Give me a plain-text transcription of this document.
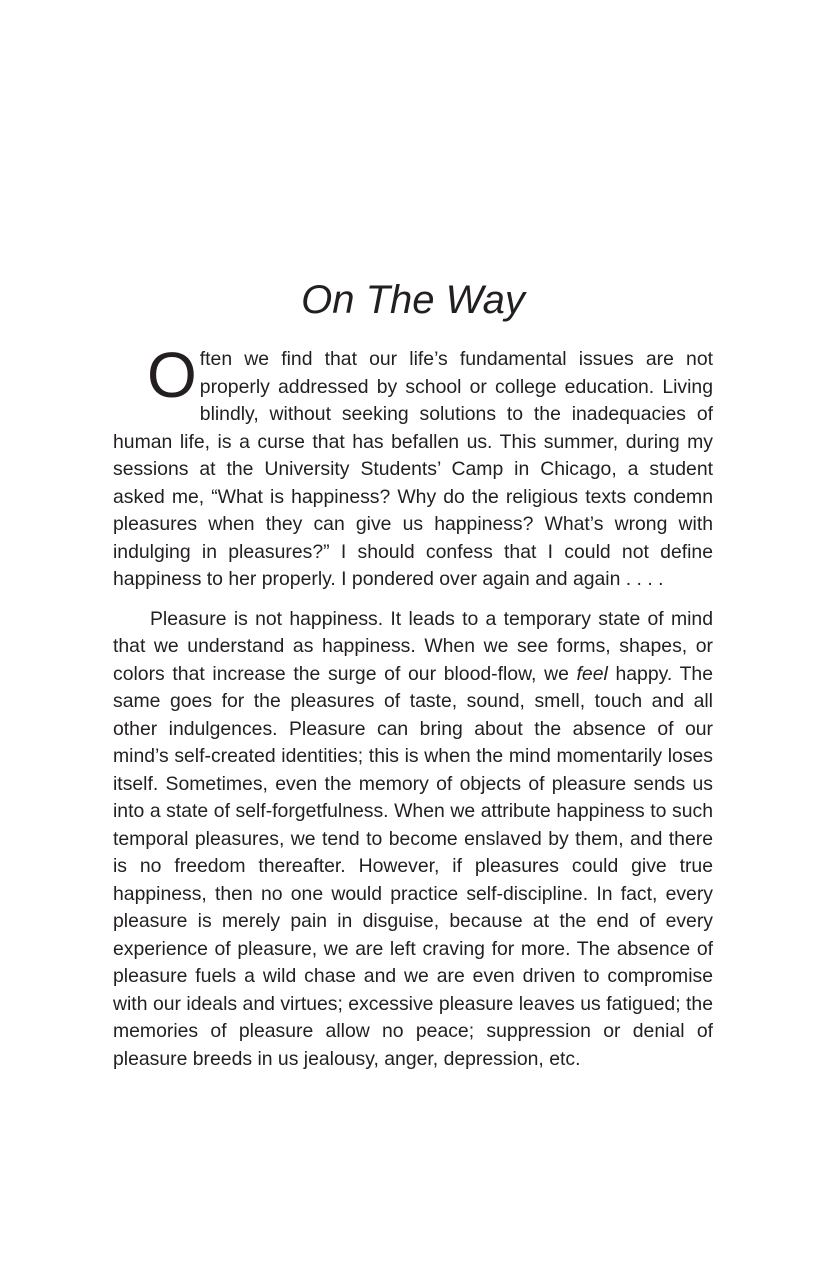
On The Way

Often we find that our life’s fundamental issues are not properly addressed by school or college education. Living blindly, without seeking solutions to the inadequacies of human life, is a curse that has befallen us. This summer, during my sessions at the University Students’ Camp in Chicago, a student asked me, “What is happiness? Why do the religious texts condemn pleasures when they can give us happiness? What’s wrong with indulging in pleasures?” I should confess that I could not define happiness to her properly. I pondered over again and again . . . .

Pleasure is not happiness. It leads to a temporary state of mind that we understand as happiness. When we see forms, shapes, or colors that increase the surge of our blood-flow, we feel happy. The same goes for the pleasures of taste, sound, smell, touch and all other indulgences. Pleasure can bring about the absence of our mind’s self-created identities; this is when the mind momentarily loses itself. Sometimes, even the memory of objects of pleasure sends us into a state of self-forgetfulness. When we attribute happiness to such temporal pleasures, we tend to become enslaved by them, and there is no freedom thereafter. However, if pleasures could give true happiness, then no one would practice self-discipline. In fact, every pleasure is merely pain in disguise, because at the end of every experience of pleasure, we are left craving for more. The absence of pleasure fuels a wild chase and we are even driven to compromise with our ideals and virtues; excessive pleasure leaves us fatigued; the memories of pleasure allow no peace; suppression or denial of pleasure breeds in us jealousy, anger, depression, etc.
